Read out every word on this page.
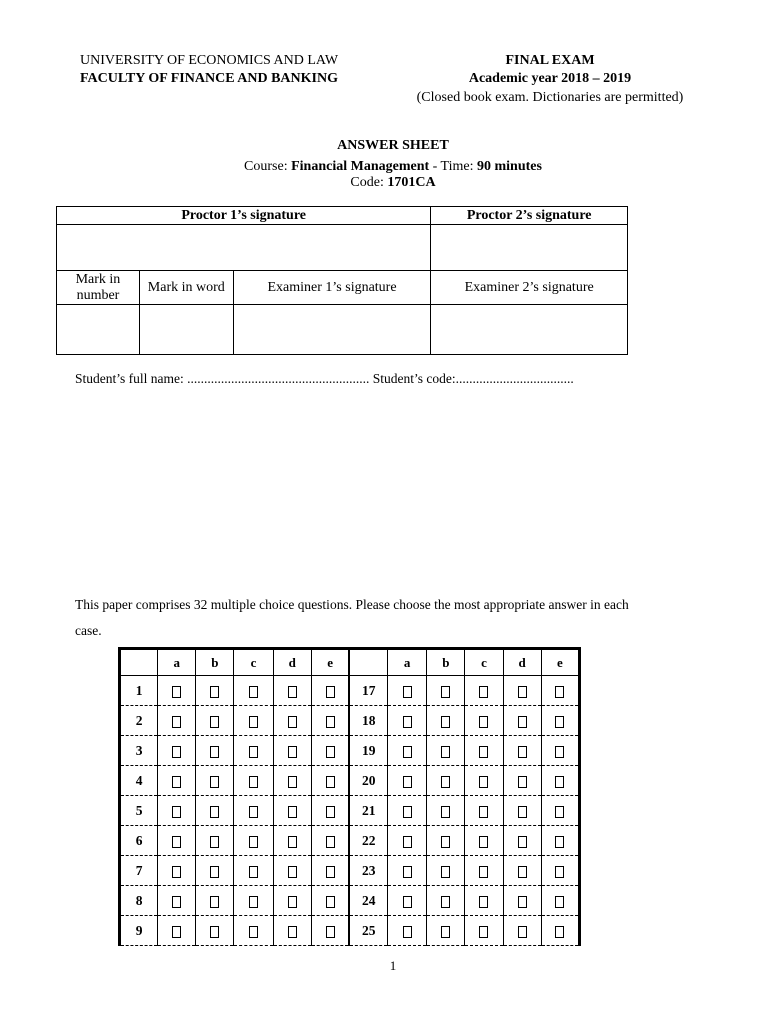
UNIVERSITY OF ECONOMICS AND LAW
FACULTY OF FINANCE AND BANKING
FINAL EXAM
Academic year 2018 – 2019
(Closed book exam. Dictionaries are permitted)
ANSWER SHEET
Course: Financial Management - Time: 90 minutes
Code: 1701CA
Proctor 1’s signature			Proctor 2’s signature

Mark in number	Mark in word	Examiner 1’s signature	Examiner 2’s signature

Student’s full name: ...................................................... Student’s code:...................................
This paper comprises 32 multiple choice questions. Please choose the most appropriate answer in each
case.
	a	b	c	d	e		a	b	c	d	e
1						17					
2						18					
3						19					
4						20					
5						21					
6						22					
7						23					
8						24					
9						25					
1
